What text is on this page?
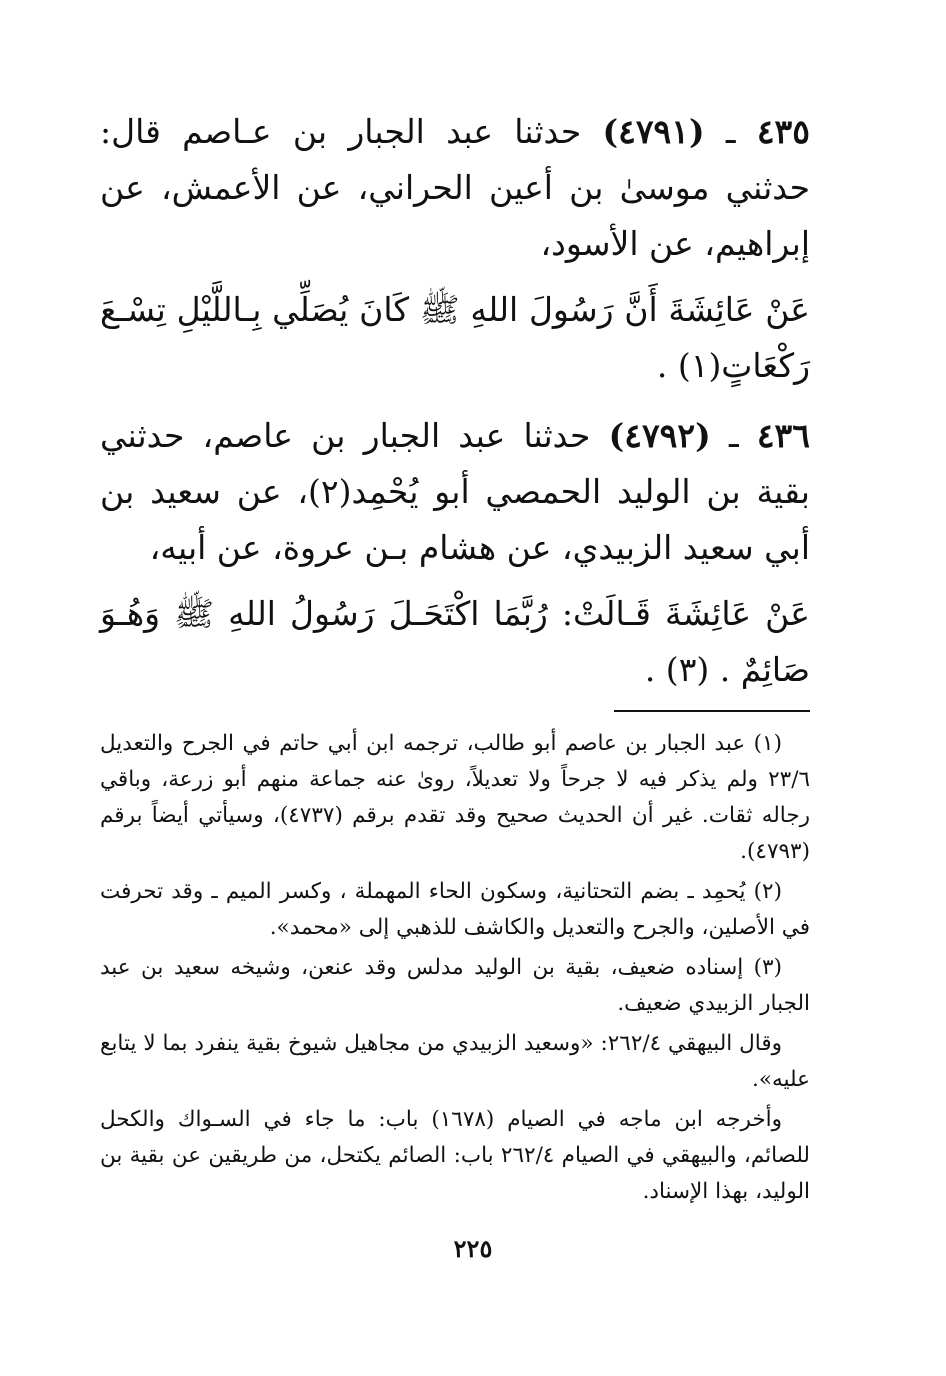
٤٣٥ ـ (٤٧٩١) حدثنا عبد الجبار بن عـاصم قال: حدثني موسىٰ بن أعين الحراني، عن الأعمش، عن إبراهيم، عن الأسود،

عَنْ عَائِشَةَ أَنَّ رَسُولَ اللهِ ﷺ كَانَ يُصَلِّي بِـاللَّيْلِ تِسْـعَ رَكْعَاتٍ(١) .

٤٣٦ ـ (٤٧٩٢) حدثنا عبد الجبار بن عاصم، حدثني بقية بن الوليد الحمصي أبو يُحْمِد(٢)، عن سعيد بن أبي سعيد الزبيدي، عن هشام بـن عروة، عن أبيه،

عَنْ عَائِشَةَ قَـالَتْ: رُبَّمَا اكْتَحَـلَ رَسُولُ اللهِ ﷺ وَهُـوَ صَائِمٌ . (٣) .

(١) عبد الجبار بن عاصم أبو طالب، ترجمه ابن أبي حاتم في الجرح والتعديل ٢٣/٦ ولم يذكر فيه لا جرحاً ولا تعديلاً، روىٰ عنه جماعة منهم أبو زرعة، وباقي رجاله ثقات. غير أن الحديث صحيح وقد تقدم برقم (٤٧٣٧)، وسيأتي أيضاً برقم (٤٧٩٣).

(٢) يُحمِد ـ بضم التحتانية، وسكون الحاء المهملة ، وكسر الميم ـ وقد تحرفت في الأصلين، والجرح والتعديل والكاشف للذهبي إلى «محمد».

(٣) إسناده ضعيف، بقية بن الوليد مدلس وقد عنعن، وشيخه سعيد بن عبد الجبار الزبيدي ضعيف.

وقال البيهقي ٢٦٢/٤: «وسعيد الزبيدي من مجاهيل شيوخ بقية ينفرد بما لا يتابع عليه».

وأخرجه ابن ماجه في الصيام (١٦٧٨) باب: ما جاء في السـواك والكحل للصائم، والبيهقي في الصيام ٢٦٢/٤ باب: الصائم يكتحل، من طريقين عن بقية بن الوليد، بهذا الإسناد.

٢٢٥
